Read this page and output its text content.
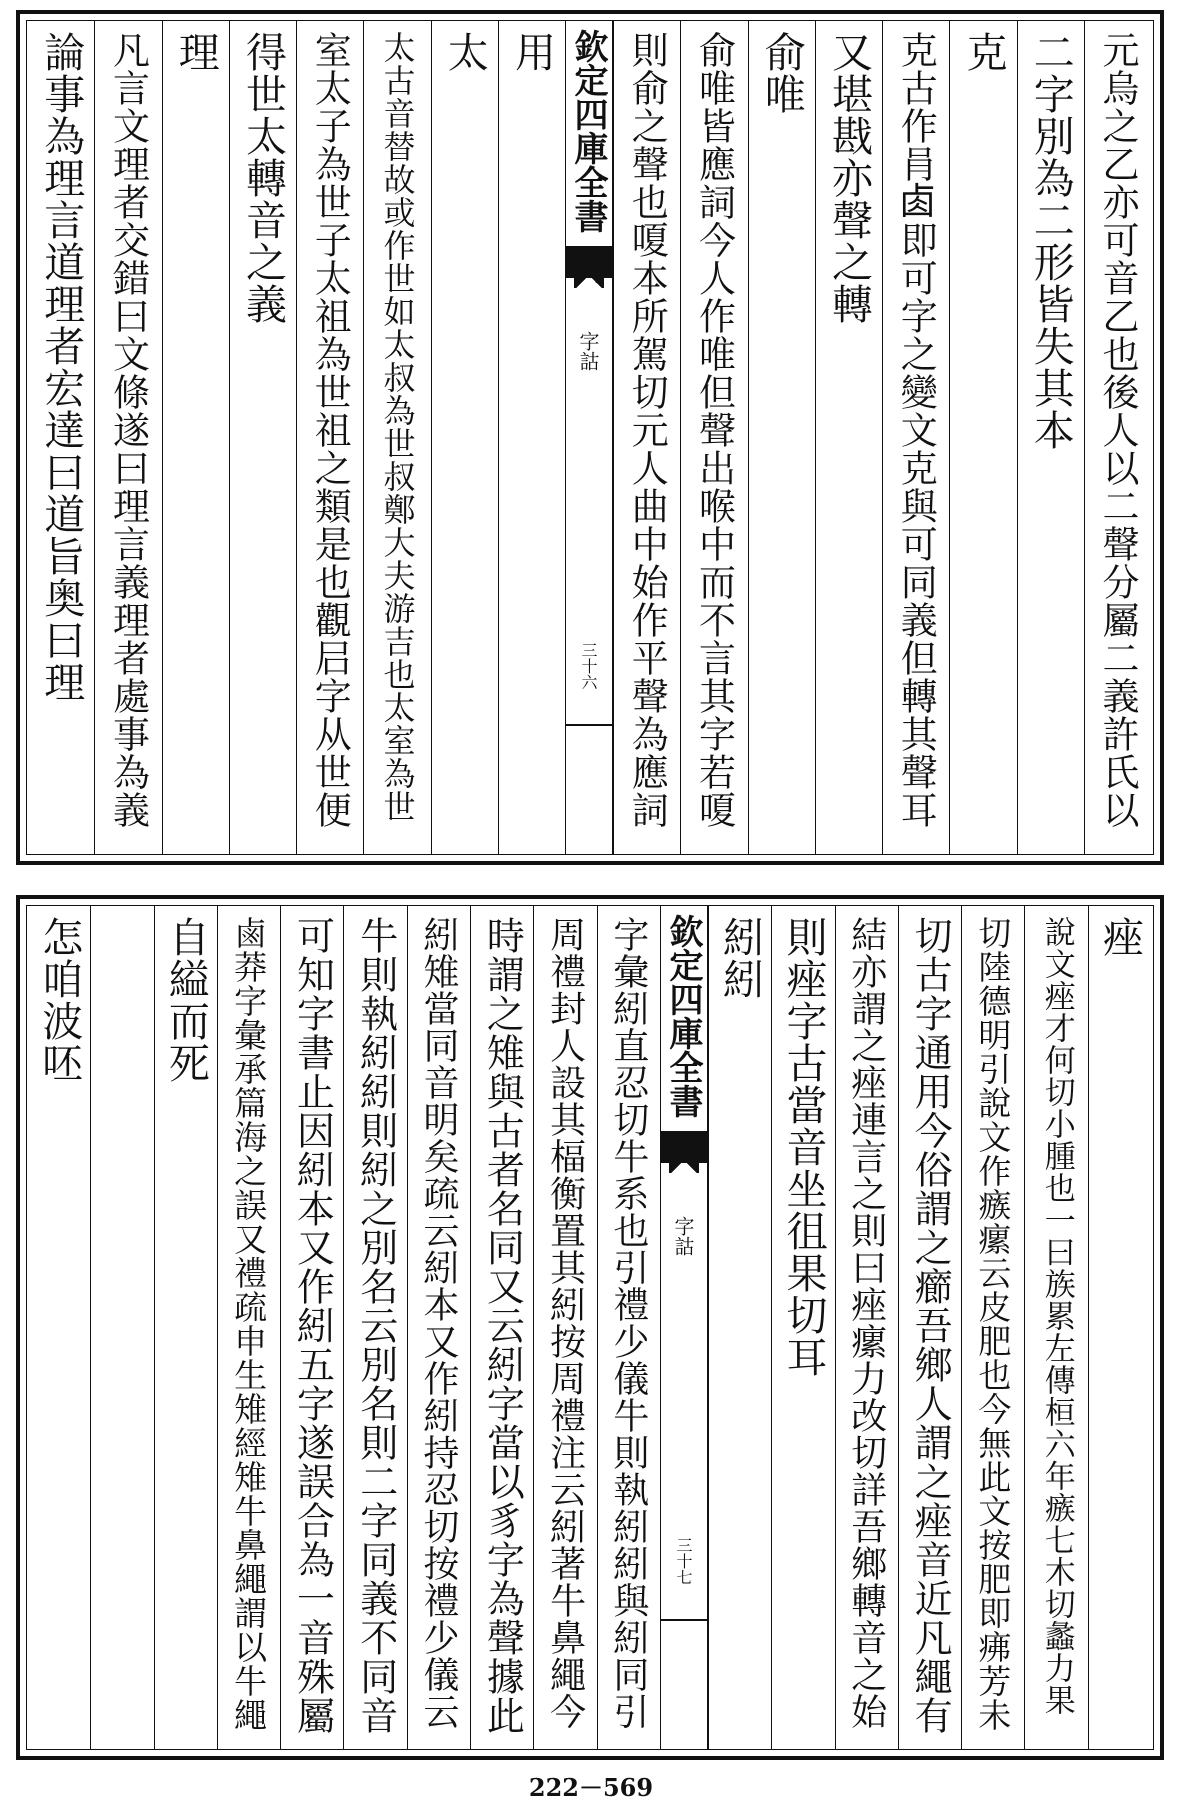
元烏之乙亦可音乙也後人以二聲分屬二義許氏以
二字別為二形皆失其本
克
克古作肙𠧪即可字之變文克與可同義但轉其聲耳
又堪戡亦聲之轉
俞唯
俞唯皆應詞今人作唯但聲出喉中而不言其字若嗄
則俞之聲也嗄本所駕切元人曲中始作平聲為應詞
欽定四庫全書
字詁
三十六
用
太
太古音替故或作世如太叔為世叔鄭大夫游吉也太室為世
室太子為世子太祖為世祖之類是也觀𡰪字从世便
得世太轉音之義
理
凡言文理者交錯曰文條遂曰理言義理者處事為義
論事為理言道理者宏達曰道旨奥曰理
痤
說文痤才何切小腫也一曰族累左傳桓六年瘯七木切蠡力果
切陸德明引說文作瘯瘰云皮肥也今無此文按肥即疿芳未
切古字通用今俗謂之癤吾鄉人謂之痤音近凡繩有
結亦謂之痤連言之則曰痤瘰力改切詳吾鄉轉音之始
則痤字古當音坐徂果切耳
紖紖
欽定四庫全書
字詁
三十七
字彙紖直忍切牛系也引禮少儀牛則執紖紖與紖同引
周禮封人設其楅衡置其紖按周禮注云紖著牛鼻繩今
時謂之雉與古者名同又云紖字當以豸字為聲據此
紖雉當同音明矣疏云紖本又作紖持忍切按禮少儀云
牛則執紖紖則紖之別名云別名則二字同義不同音
可知字書止因紖本又作紖五字遂誤合為一音殊屬
鹵莽字彙承篇海之誤又禮疏申生雉經雉牛鼻繩謂以牛繩
自縊而死
怎咱波呸
222－569
